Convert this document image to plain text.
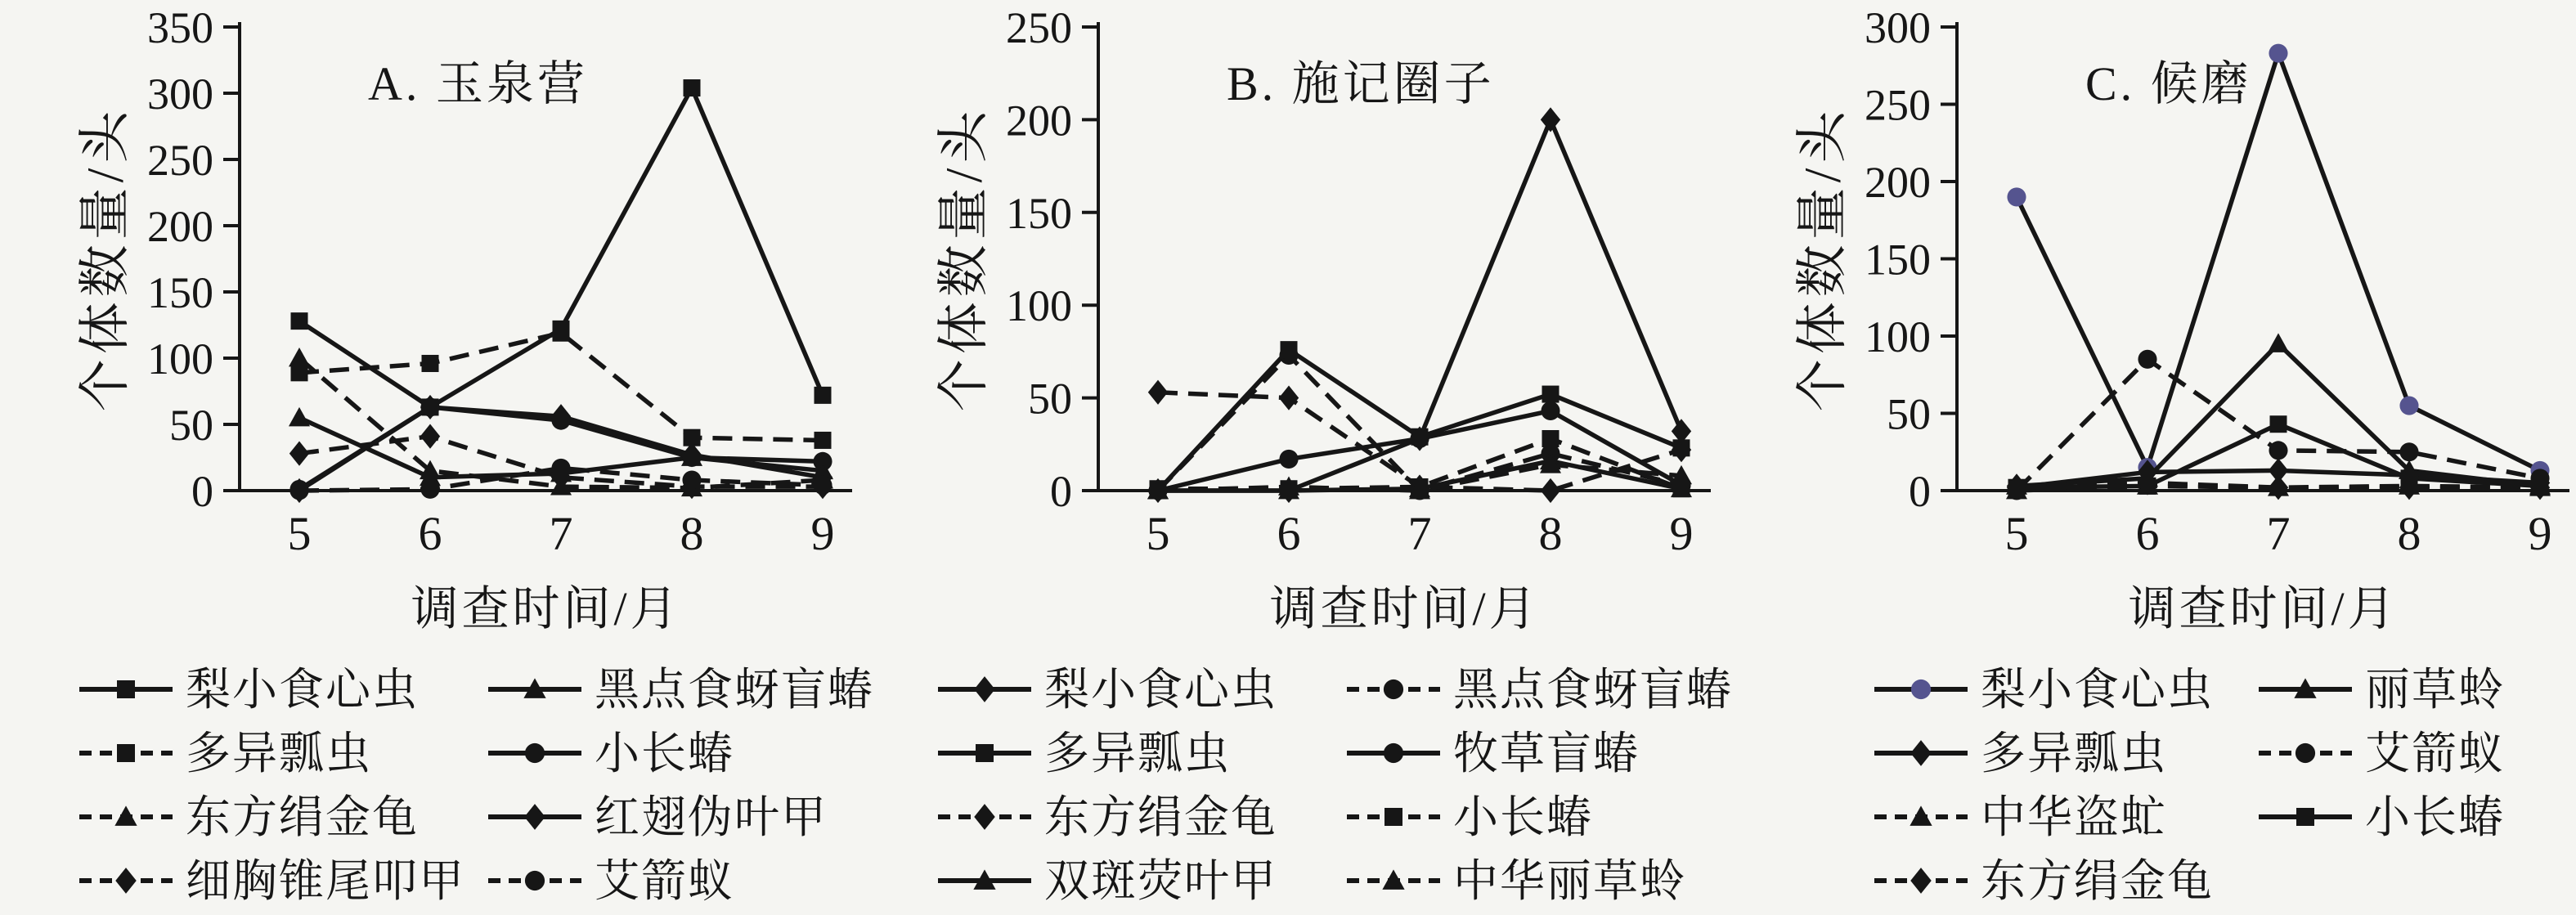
0
50
100
150
200
250
300
350
5 6 7 8 9
A. 玉泉营
个体数量/头
调查时间/月
梨小食心虫	黑点食蚜盲蝽
多异瓢虫	小长蝽
东方绢金龟	红翅伪叶甲
细胸锥尾叩甲	艾箭蚁
0
50
100
150
200
250
5 6 7 8 9
B. 施记圈子
个体数量/头
调查时间/月
梨小食心虫	黑点食蚜盲蝽
多异瓢虫	牧草盲蝽
东方绢金龟	小长蝽
双斑荧叶甲	中华丽草蛉
0
50
100
150
200
250
300
5 6 7 8 9
C. 候磨
个体数量/头
调查时间/月
梨小食心虫	丽草蛉
多异瓢虫	艾箭蚁
中华盗虻	小长蝽
东方绢金龟
